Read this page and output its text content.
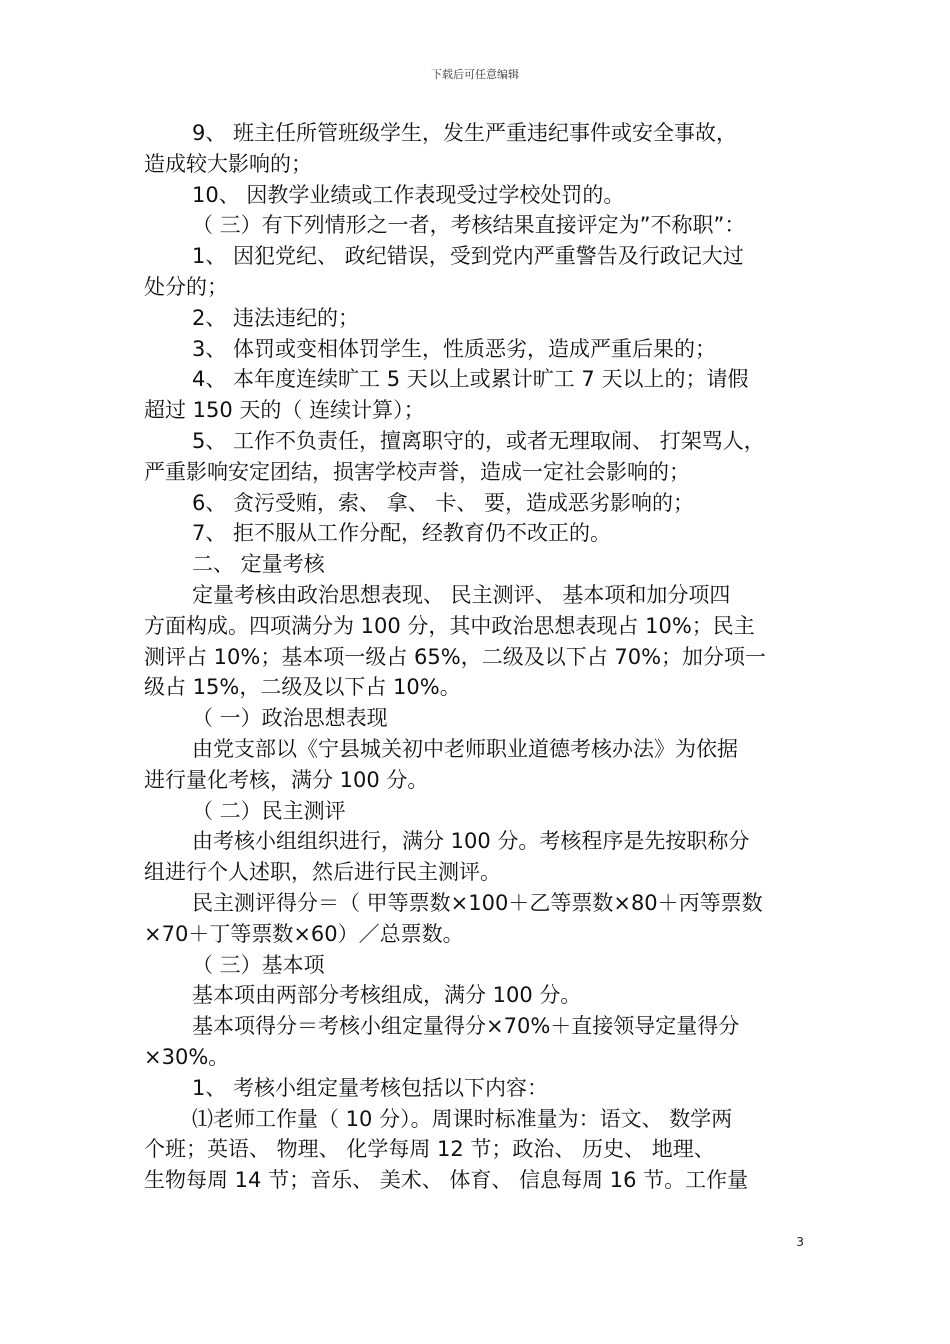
下载后可任意编辑
9、 班主任所管班级学生，发生严重违纪事件或安全事故，
造成较大影响的；
10、 因教学业绩或工作表现受过学校处罚的。
（ 三）有下列情形之一者，考核结果直接评定为”不称职”：
1、 因犯党纪、 政纪错误，受到党内严重警告及行政记大过
处分的；
2、 违法违纪的；
3、 体罚或变相体罚学生，性质恶劣，造成严重后果的；
4、 本年度连续旷工 5 天以上或累计旷工 7 天以上的；请假
超过 150 天的（ 连续计算）；
5、 工作不负责任，擅离职守的，或者无理取闹、 打架骂人，
严重影响安定团结，损害学校声誉，造成一定社会影响的；
6、 贪污受贿，索、 拿、 卡、 要，造成恶劣影响的；
7、 拒不服从工作分配，经教育仍不改正的。
二、 定量考核
定量考核由政治思想表现、 民主测评、 基本项和加分项四
方面构成。四项满分为 100 分，其中政治思想表现占 10%；民主
测评占 10%；基本项一级占 65%，二级及以下占 70%；加分项一
级占 15%，二级及以下占 10%。
（ 一）政治思想表现
由党支部以《宁县城关初中老师职业道德考核办法》为依据
进行量化考核，满分 100 分。
（ 二）民主测评
由考核小组组织进行，满分 100 分。考核程序是先按职称分
组进行个人述职，然后进行民主测评。
民主测评得分＝（ 甲等票数×100＋乙等票数×80＋丙等票数
×70＋丁等票数×60）／总票数。
（ 三）基本项
基本项由两部分考核组成，满分 100 分。
基本项得分＝考核小组定量得分×70%＋直接领导定量得分
×30%。
1、 考核小组定量考核包括以下内容：
⑴老师工作量（ 10 分）。周课时标准量为：语文、 数学两
个班；英语、 物理、 化学每周 12 节；政治、 历史、 地理、
生物每周 14 节；音乐、 美术、 体育、 信息每周 16 节。工作量
3
